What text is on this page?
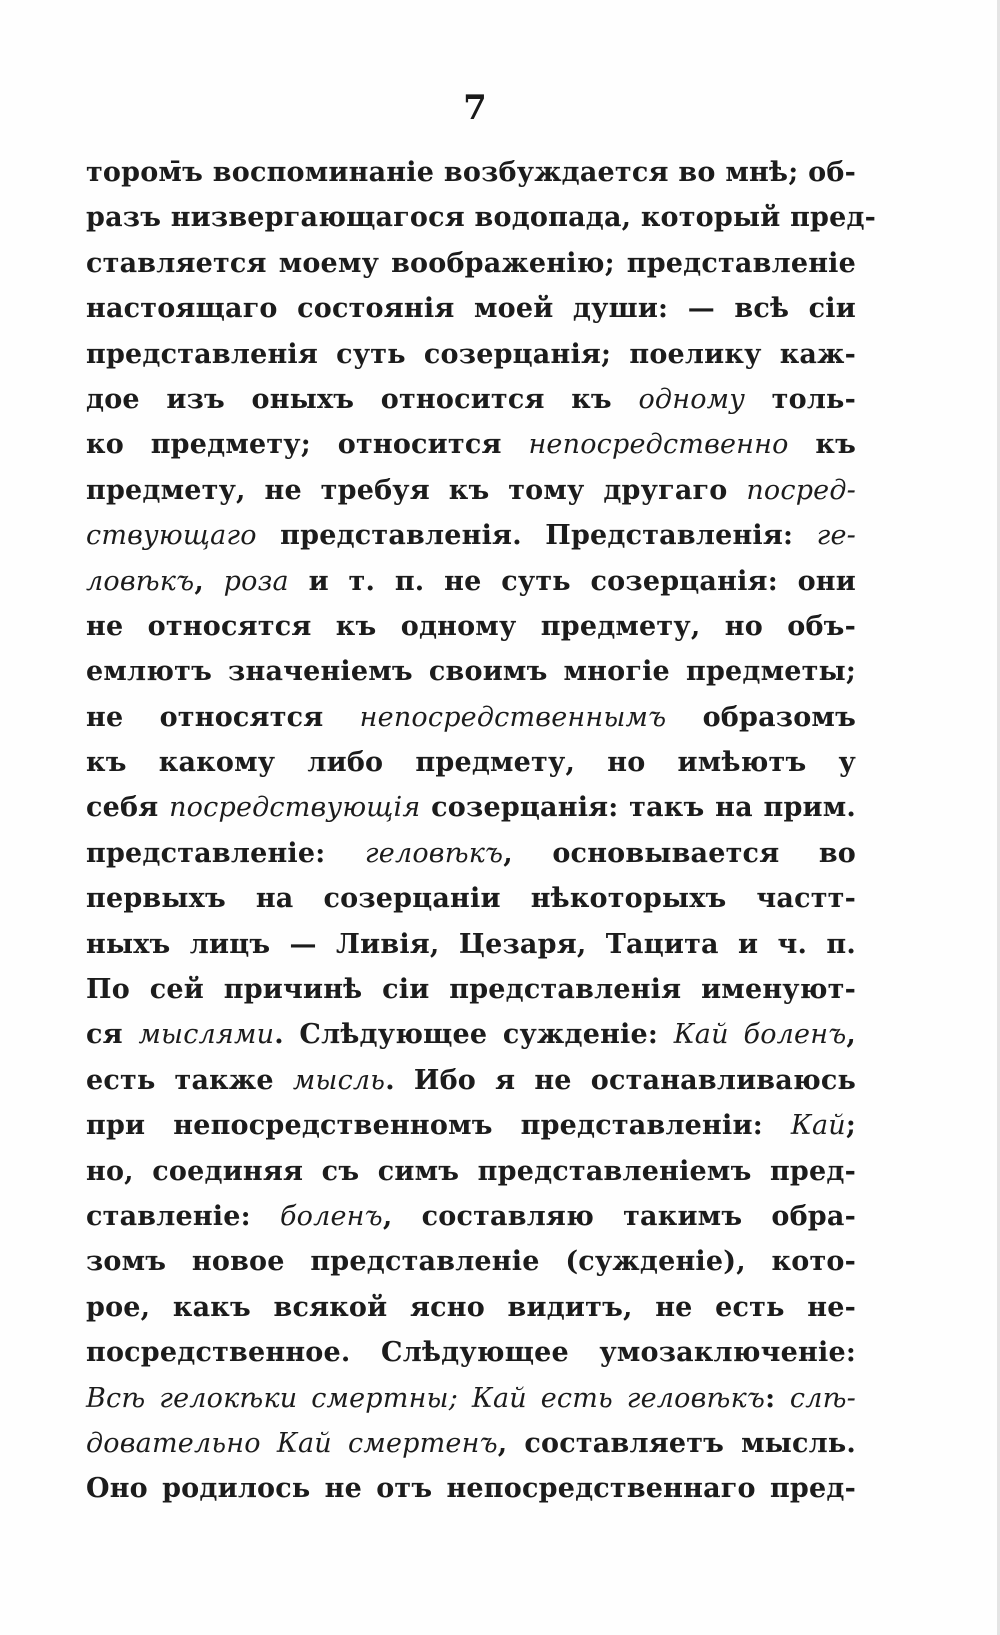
7
тором̄ъ воспоминаніе возбуждается во мнѣ; об-
разъ низвергающагося водопада, который пред-
ставляется моему воображенію; представленіе
настоящаго состоянія моей души: — всѣ сіи
представленія суть созерцанія; поелику каж-
дое изъ оныхъ относится къ одному толь-
ко предмету; относится непосредственно къ
предмету, не требуя къ тому другаго посред-
ствующаго представленія. Представленія: ге-
ловѣкъ, роза и т. п. не суть созерцанія: они
не относятся къ одному предмету, но объ-
емлютъ значеніемъ своимъ многіе предметы;
не относятся непосредственнымъ образомъ
къ какому либо предмету, но имѣютъ у
себя посредствующія созерцанія: такъ на прим.
представленіе: геловѣкъ, основывается во
первыхъ на созерцаніи нѣкоторыхъ частт-
ныхъ лицъ — Ливія, Цезаря, Тацита и ч. п.
По сей причинѣ сіи представленія именуют-
ся мыслями. Слѣдующее сужденіе: Кай боленъ,
есть также мысль. Ибо я не останавливаюсь
при непосредственномъ представленіи: Кай;
но, соединяя съ симъ представленіемъ пред-
ставленіе: боленъ, составляю такимъ обра-
зомъ новое представленіе (сужденіе), кото-
рое, какъ всякой ясно видитъ, не есть не-
посредственное. Слѣдующее умозаключеніе:
Всѣ гелокѣки смертны; Кай есть геловѣкъ: слѣ-
довательно Кай смертенъ, составляетъ мысль.
Оно родилось не отъ непосредственнаго пред-
